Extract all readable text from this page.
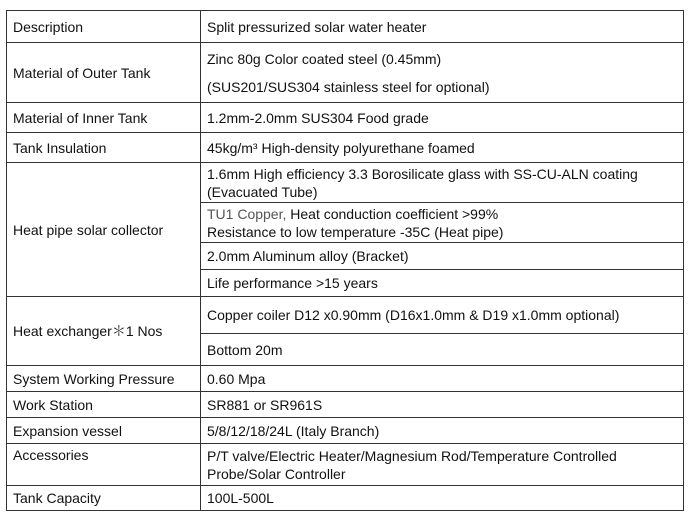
Description	Split pressurized solar water heater
Material of Outer Tank	Zinc 80g Color coated steel (0.45mm)
(SUS201/SUS304 stainless steel for optional)

Material of Inner Tank	1.2mm-2.0mm SUS304 Food grade
Tank Insulation	45kg/m³ High-density polyurethane foamed
Heat pipe solar collector	1.6mm High efficiency 3.3 Borosilicate glass with SS-CU-ALN coating
(Evacuated Tube)

	TU1 Copper, Heat conduction coefficient >99%
Resistance to low temperature -35C (Heat pipe)

	2.0mm Aluminum alloy (Bracket)
	Life performance >15 years
Heat exchanger＊1 Nos	Copper coiler D12 x0.90mm (D16x1.0mm & D19 x1.0mm optional)
	Bottom 20m
System Working Pressure	0.60 Mpa
Work Station	SR881 or SR961S
Expansion vessel	5/8/12/18/24L (Italy Branch)
Accessories	P/T valve/Electric Heater/Magnesium Rod/Temperature Controlled
Probe/Solar Controller

Tank Capacity	100L-500L
